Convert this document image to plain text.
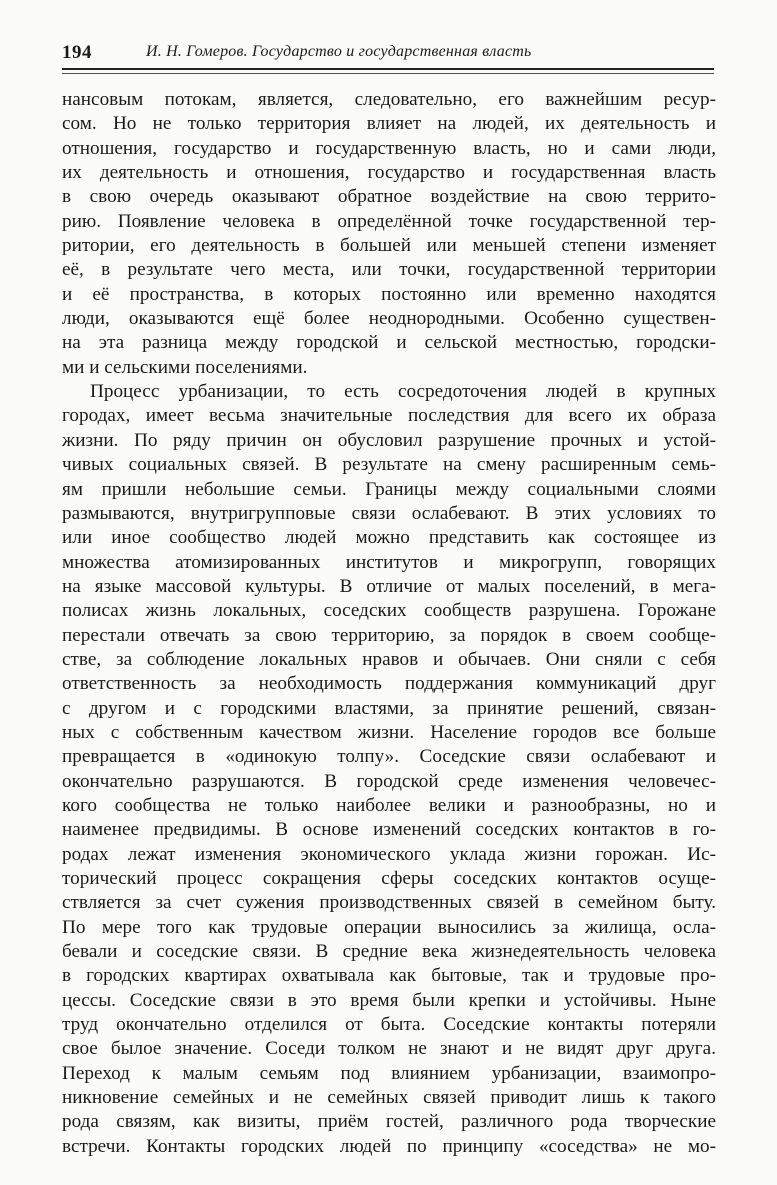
194	И. Н. Гомеров. Государство и государственная власть
нансовым потокам, является, следовательно, его важнейшим ресур-
сом. Но не только территория влияет на людей, их деятельность и
отношения, государство и государственную власть, но и сами люди,
их деятельность и отношения, государство и государственная власть
в свою очередь оказывают обратное воздействие на свою террито-
рию. Появление человека в определённой точке государственной тер-
ритории, его деятельность в большей или меньшей степени изменяет
её, в результате чего места, или точки, государственной территории
и её пространства, в которых постоянно или временно находятся
люди, оказываются ещё более неоднородными. Особенно существен-
на эта разница между городской и сельской местностью, городски-
ми и сельскими поселениями.
Процесс урбанизации, то есть сосредоточения людей в крупных
городах, имеет весьма значительные последствия для всего их образа
жизни. По ряду причин он обусловил разрушение прочных и устой-
чивых социальных связей. В результате на смену расширенным семь-
ям пришли небольшие семьи. Границы между социальными слоями
размываются, внутригрупповые связи ослабевают. В этих условиях то
или иное сообщество людей можно представить как состоящее из
множества атомизированных институтов и микрогрупп, говорящих
на языке массовой культуры. В отличие от малых поселений, в мега-
полисах жизнь локальных, соседских сообществ разрушена. Горожане
перестали отвечать за свою территорию, за порядок в своем сообще-
стве, за соблюдение локальных нравов и обычаев. Они сняли с себя
ответственность за необходимость поддержания коммуникаций друг
с другом и с городскими властями, за принятие решений, связан-
ных с собственным качеством жизни. Население городов все больше
превращается в «одинокую толпу». Соседские связи ослабевают и
окончательно разрушаются. В городской среде изменения человечес-
кого сообщества не только наиболее велики и разнообразны, но и
наименее предвидимы. В основе изменений соседских контактов в го-
родах лежат изменения экономического уклада жизни горожан. Ис-
торический процесс сокращения сферы соседских контактов осуще-
ствляется за счет сужения производственных связей в семейном быту.
По мере того как трудовые операции выносились за жилища, осла-
бевали и соседские связи. В средние века жизнедеятельность человека
в городских квартирах охватывала как бытовые, так и трудовые про-
цессы. Соседские связи в это время были крепки и устойчивы. Ныне
труд окончательно отделился от быта. Соседские контакты потеряли
свое былое значение. Соседи толком не знают и не видят друг друга.
Переход к малым семьям под влиянием урбанизации, взаимопро-
никновение семейных и не семейных связей приводит лишь к такого
рода связям, как визиты, приём гостей, различного рода творческие
встречи. Контакты городских людей по принципу «соседства» не мо-
